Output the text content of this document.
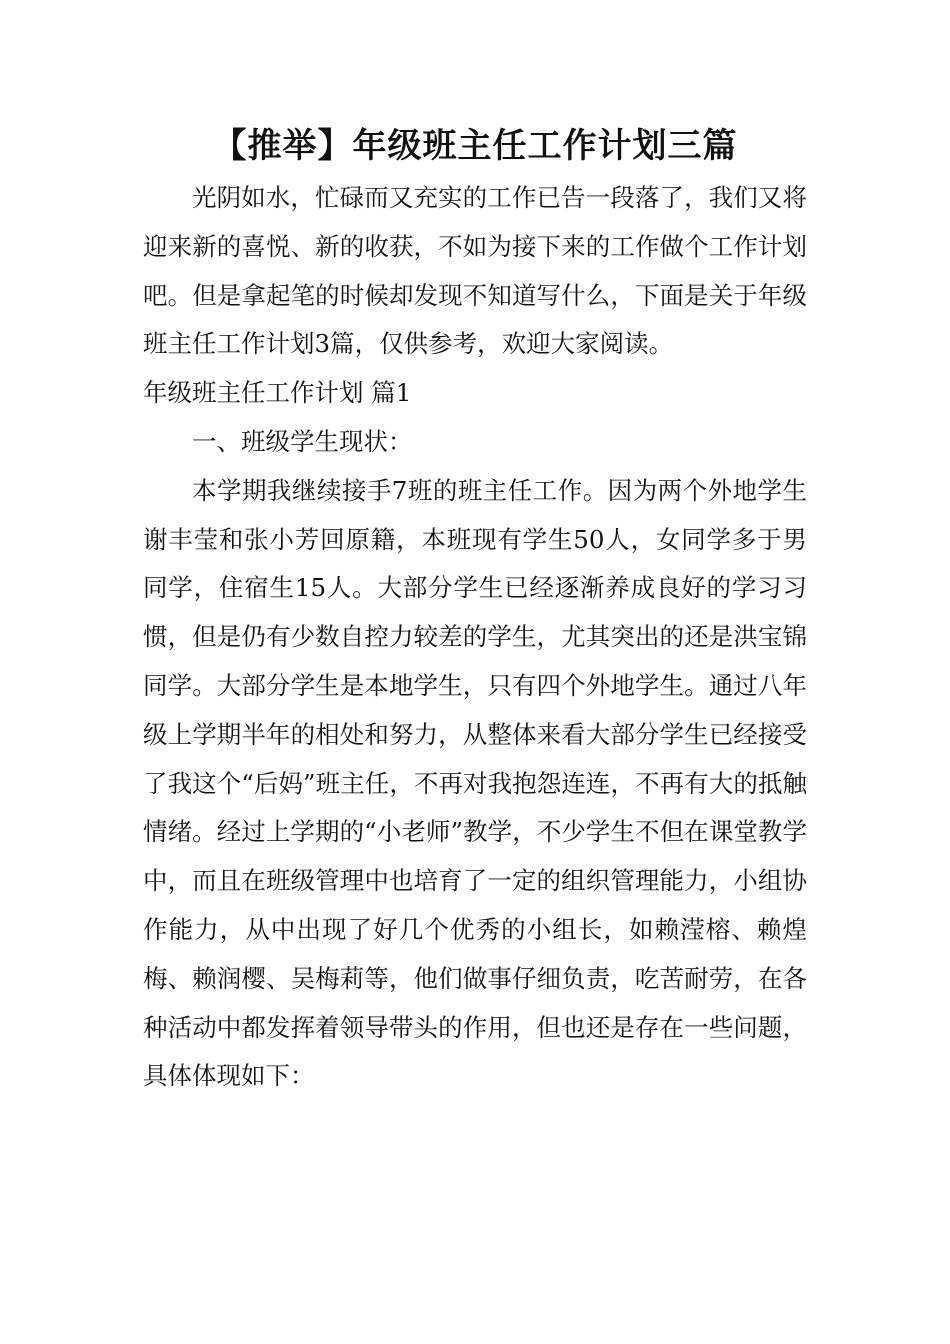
【推举】年级班主任工作计划三篇

光阴如水，忙碌而又充实的工作已告一段落了，我们又将迎来新的喜悦、新的收获，不如为接下来的工作做个工作计划吧。但是拿起笔的时候却发现不知道写什么，下面是关于年级班主任工作计划3篇，仅供参考，欢迎大家阅读。

年级班主任工作计划 篇1

一、班级学生现状：

本学期我继续接手7班的班主任工作。因为两个外地学生谢丰莹和张小芳回原籍，本班现有学生50人，女同学多于男同学，住宿生15人。大部分学生已经逐渐养成良好的学习习惯，但是仍有少数自控力较差的学生，尤其突出的还是洪宝锦同学。大部分学生是本地学生，只有四个外地学生。通过八年级上学期半年的相处和努力，从整体来看大部分学生已经接受了我这个“后妈”班主任，不再对我抱怨连连，不再有大的抵触情绪。经过上学期的“小老师”教学，不少学生不但在课堂教学中，而且在班级管理中也培育了一定的组织管理能力，小组协作能力，从中出现了好几个优秀的小组长，如赖滢榕、赖煌梅、赖润樱、吴梅莉等，他们做事仔细负责，吃苦耐劳，在各种活动中都发挥着领导带头的作用，但也还是存在一些问题，具体体现如下：
